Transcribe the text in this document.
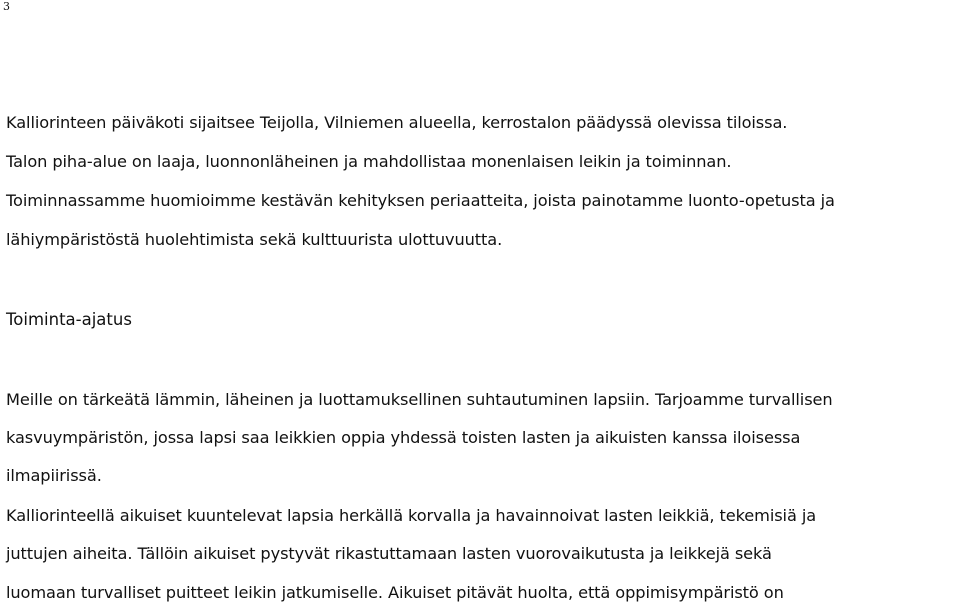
3
Kalliorinteen päiväkoti sijaitsee Teijolla, Vilniemen alueella, kerrostalon päädyssä olevissa tiloissa.
Talon piha-alue on laaja, luonnonläheinen ja mahdollistaa monenlaisen leikin ja toiminnan.
Toiminnassamme huomioimme kestävän kehityksen periaatteita, joista painotamme luonto-opetusta ja
lähiympäristöstä huolehtimista sekä kulttuurista ulottuvuutta.
Toiminta-ajatus
Meille on tärkeätä lämmin, läheinen ja luottamuksellinen suhtautuminen lapsiin. Tarjoamme turvallisen
kasvuympäristön, jossa lapsi saa leikkien oppia yhdessä toisten lasten ja aikuisten kanssa iloisessa
ilmapiirissä.
Kalliorinteellä aikuiset kuuntelevat lapsia herkällä korvalla ja havainnoivat lasten leikkiä, tekemisiä ja
juttujen aiheita. Tällöin aikuiset pystyvät rikastuttamaan lasten vuorovaikutusta ja leikkejä sekä
luomaan turvalliset puitteet leikin jatkumiselle. Aikuiset pitävät huolta, että oppimisympäristö on
